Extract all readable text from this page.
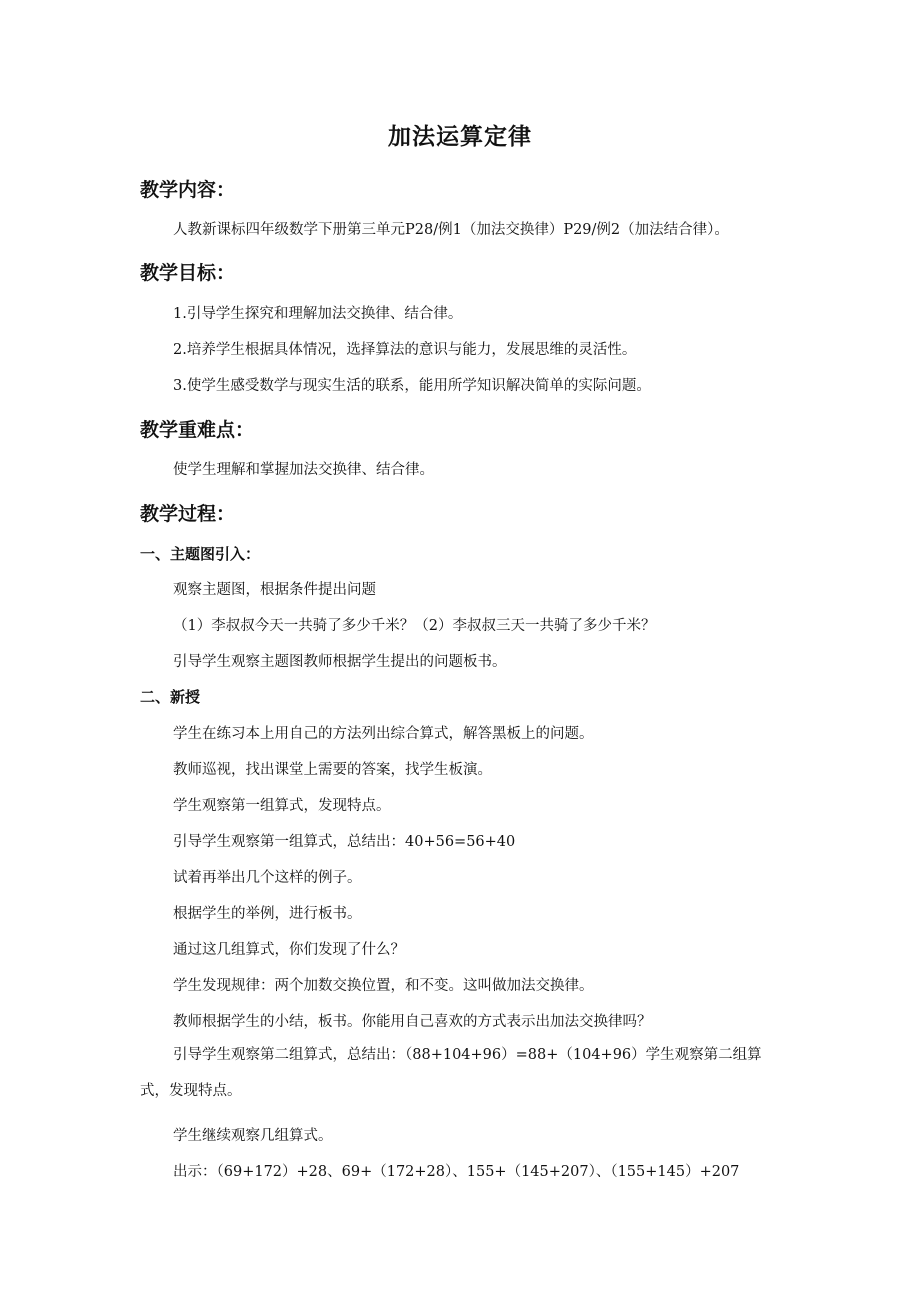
加法运算定律
教学内容：
人教新课标四年级数学下册第三单元P28/例1（加法交换律）P29/例2（加法结合律）。
教学目标：
1.引导学生探究和理解加法交换律、结合律。
2.培养学生根据具体情况，选择算法的意识与能力，发展思维的灵活性。
3.使学生感受数学与现实生活的联系，能用所学知识解决简单的实际问题。
教学重难点：
使学生理解和掌握加法交换律、结合律。
教学过程：
一、主题图引入：
观察主题图，根据条件提出问题
（1）李叔叔今天一共骑了多少千米？（2）李叔叔三天一共骑了多少千米？
引导学生观察主题图教师根据学生提出的问题板书。
二、新授
学生在练习本上用自己的方法列出综合算式，解答黑板上的问题。
教师巡视，找出课堂上需要的答案，找学生板演。
学生观察第一组算式，发现特点。
引导学生观察第一组算式，总结出：40+56=56+40
试着再举出几个这样的例子。
根据学生的举例，进行板书。
通过这几组算式，你们发现了什么？
学生发现规律：两个加数交换位置，和不变。这叫做加法交换律。
教师根据学生的小结，板书。你能用自己喜欢的方式表示出加法交换律吗？
引导学生观察第二组算式，总结出：（88+104+96）=88+（104+96）学生观察第二组算式，发现特点。
学生继续观察几组算式。
出示：（69+172）+28、69+（172+28）、155+（145+207）、（155+145）+207
